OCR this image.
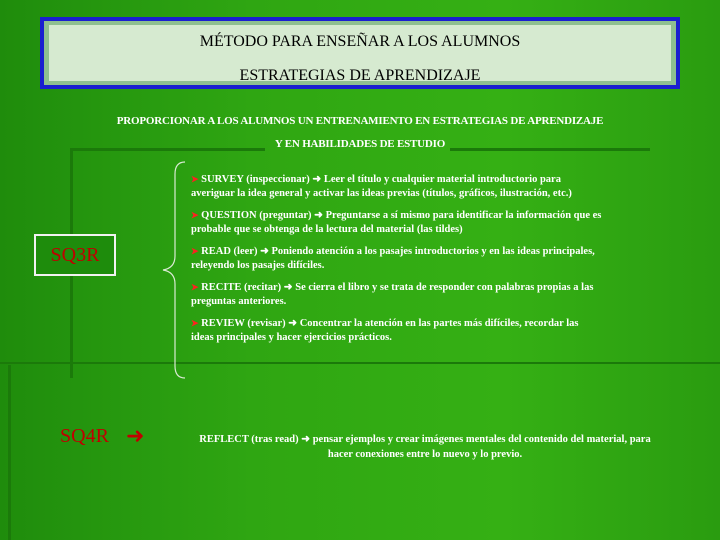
MÉTODO PARA ENSEÑAR A LOS ALUMNOS
ESTRATEGIAS DE APRENDIZAJE
PROPORCIONAR A LOS ALUMNOS UN ENTRENAMIENTO EN ESTRATEGIAS DE APRENDIZAJE
Y EN HABILIDADES DE ESTUDIO
SQ3R
➤ SURVEY (inspeccionar) ➜ Leer el título y cualquier material introductorio para
averiguar la idea general y activar las ideas previas (títulos, gráficos, ilustración, etc.)
➤ QUESTION (preguntar) ➜ Preguntarse a sí mismo para identificar la información que es
probable que se obtenga de la lectura del material (las tildes)
➤ READ (leer) ➜ Poniendo atención a los pasajes introductorios y en las ideas principales,
releyendo los pasajes difíciles.
➤ RECITE (recitar) ➜ Se cierra el libro y se trata de responder con palabras propias a las
preguntas anteriores.
➤ REVIEW (revisar) ➜ Concentrar la atención en las partes más difíciles, recordar las
ideas principales y hacer ejercicios prácticos.
SQ4R ➜	REFLECT (tras read) ➜ pensar ejemplos y crear imágenes mentales del contenido del material, para
hacer conexiones entre lo nuevo y lo previo.
